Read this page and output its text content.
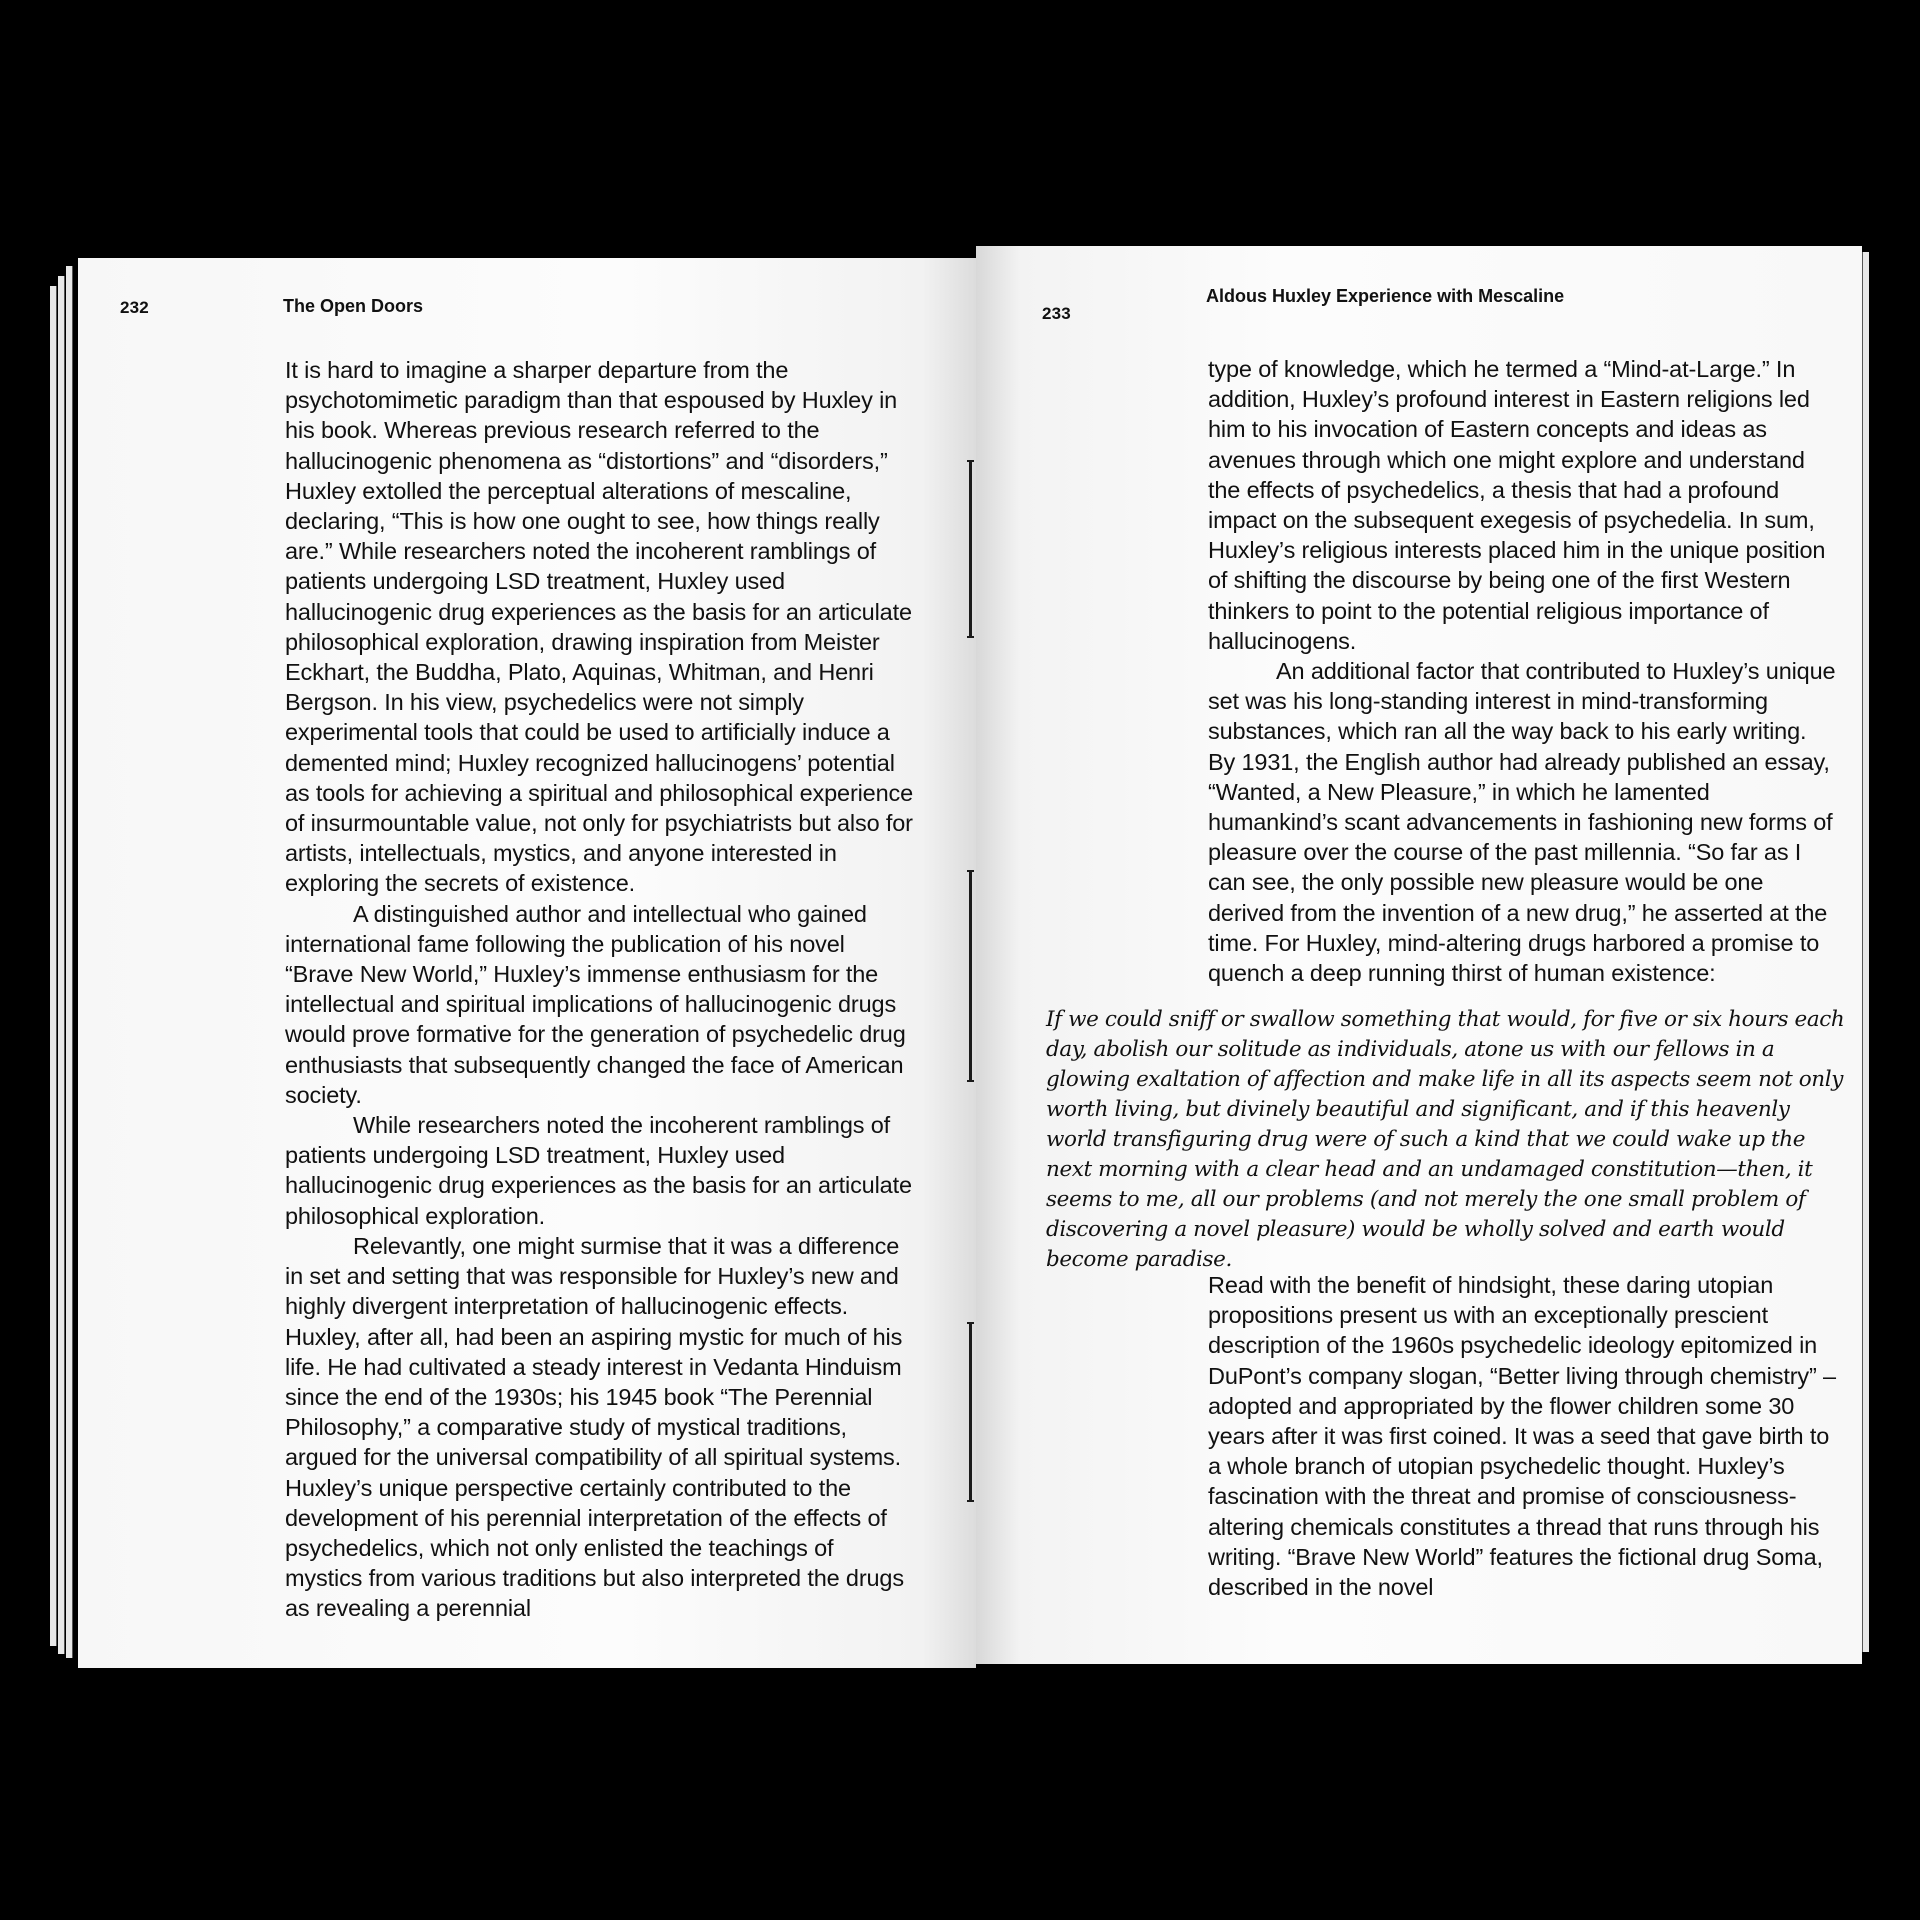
232	The Open Doors

It is hard to imagine a sharper departure from the psychotomimetic paradigm than that espoused by Huxley in his book. Whereas previous research referred to the hallucinogenic phenomena as “distortions” and “disorders,” Huxley extolled the perceptual alterations of mescaline, declaring, “This is how one ought to see, how things really are.” While researchers noted the incoherent ramblings of patients undergoing LSD treatment, Huxley used hallucinogenic drug experiences as the basis for an articulate philosophical exploration, drawing inspiration from Meister Eckhart, the Buddha, Plato, Aquinas, Whitman, and Henri Bergson. In his view, psychedelics were not simply experimental tools that could be used to artificially induce a demented mind; Huxley recognized hallucinogens’ potential as tools for achieving a spiritual and philosophical experience of insurmountable value, not only for psychiatrists but also for artists, intellectuals, mystics, and anyone interested in exploring the secrets of existence.

A distinguished author and intellectual who gained international fame following the publication of his novel “Brave New World,” Huxley’s immense enthusiasm for the intellectual and spiritual implications of hallucinogenic drugs would prove formative for the generation of psychedelic drug enthusiasts that subsequently changed the face of American society.

While researchers noted the incoherent ramblings of patients undergoing LSD treatment, Huxley used hallucinogenic drug experiences as the basis for an articulate philosophical exploration.

Relevantly, one might surmise that it was a difference in set and setting that was responsible for Huxley’s new and highly divergent interpretation of hallucinogenic effects. Huxley, after all, had been an aspiring mystic for much of his life. He had cultivated a steady interest in Vedanta Hinduism since the end of the 1930s; his 1945 book “The Perennial Philosophy,” a comparative study of mystical traditions, argued for the universal compatibility of all spiritual systems. Huxley’s unique perspective certainly contributed to the development of his perennial interpretation of the effects of psychedelics, which not only enlisted the teachings of mystics from various traditions but also interpreted the drugs as revealing a perennial

233
Aldous Huxley Experience with Mescaline

type of knowledge, which he termed a “Mind-at-Large.” In addition, Huxley’s profound interest in Eastern religions led him to his invocation of Eastern concepts and ideas as avenues through which one might explore and understand the effects of psychedelics, a thesis that had a profound impact on the subsequent exegesis of psychedelia. In sum, Huxley’s religious interests placed him in the unique position of shifting the discourse by being one of the first Western thinkers to point to the potential religious importance of hallucinogens.

An additional factor that contributed to Huxley’s unique set was his long-standing interest in mind-transforming substances, which ran all the way back to his early writing. By 1931, the English author had already published an essay, “Wanted, a New Pleasure,” in which he lamented humankind’s scant advancements in fashioning new forms of pleasure over the course of the past millennia. “So far as I can see, the only possible new pleasure would be one derived from the invention of a new drug,” he asserted at the time. For Huxley, mind-altering drugs harbored a promise to quench a deep running thirst of human existence:

If we could sniff or swallow something that would, for five or six hours each day, abolish our solitude as individuals, atone us with our fellows in a glowing exaltation of affection and make life in all its aspects seem not only worth living, but divinely beautiful and significant, and if this heavenly world transfiguring drug were of such a kind that we could wake up the next morning with a clear head and an undamaged constitution—then, it seems to me, all our problems (and not merely the one small problem of discovering a novel pleasure) would be wholly solved and earth would become paradise.

Read with the benefit of hindsight, these daring utopian propositions present us with an exceptionally prescient description of the 1960s psychedelic ideology epitomized in DuPont’s company slogan, “Better living through chemistry” – adopted and appropriated by the flower children some 30 years after it was first coined. It was a seed that gave birth to a whole branch of utopian psychedelic thought. Huxley’s fascination with the threat and promise of consciousness-altering chemicals constitutes a thread that runs through his writing. “Brave New World” features the fictional drug Soma, described in the novel
